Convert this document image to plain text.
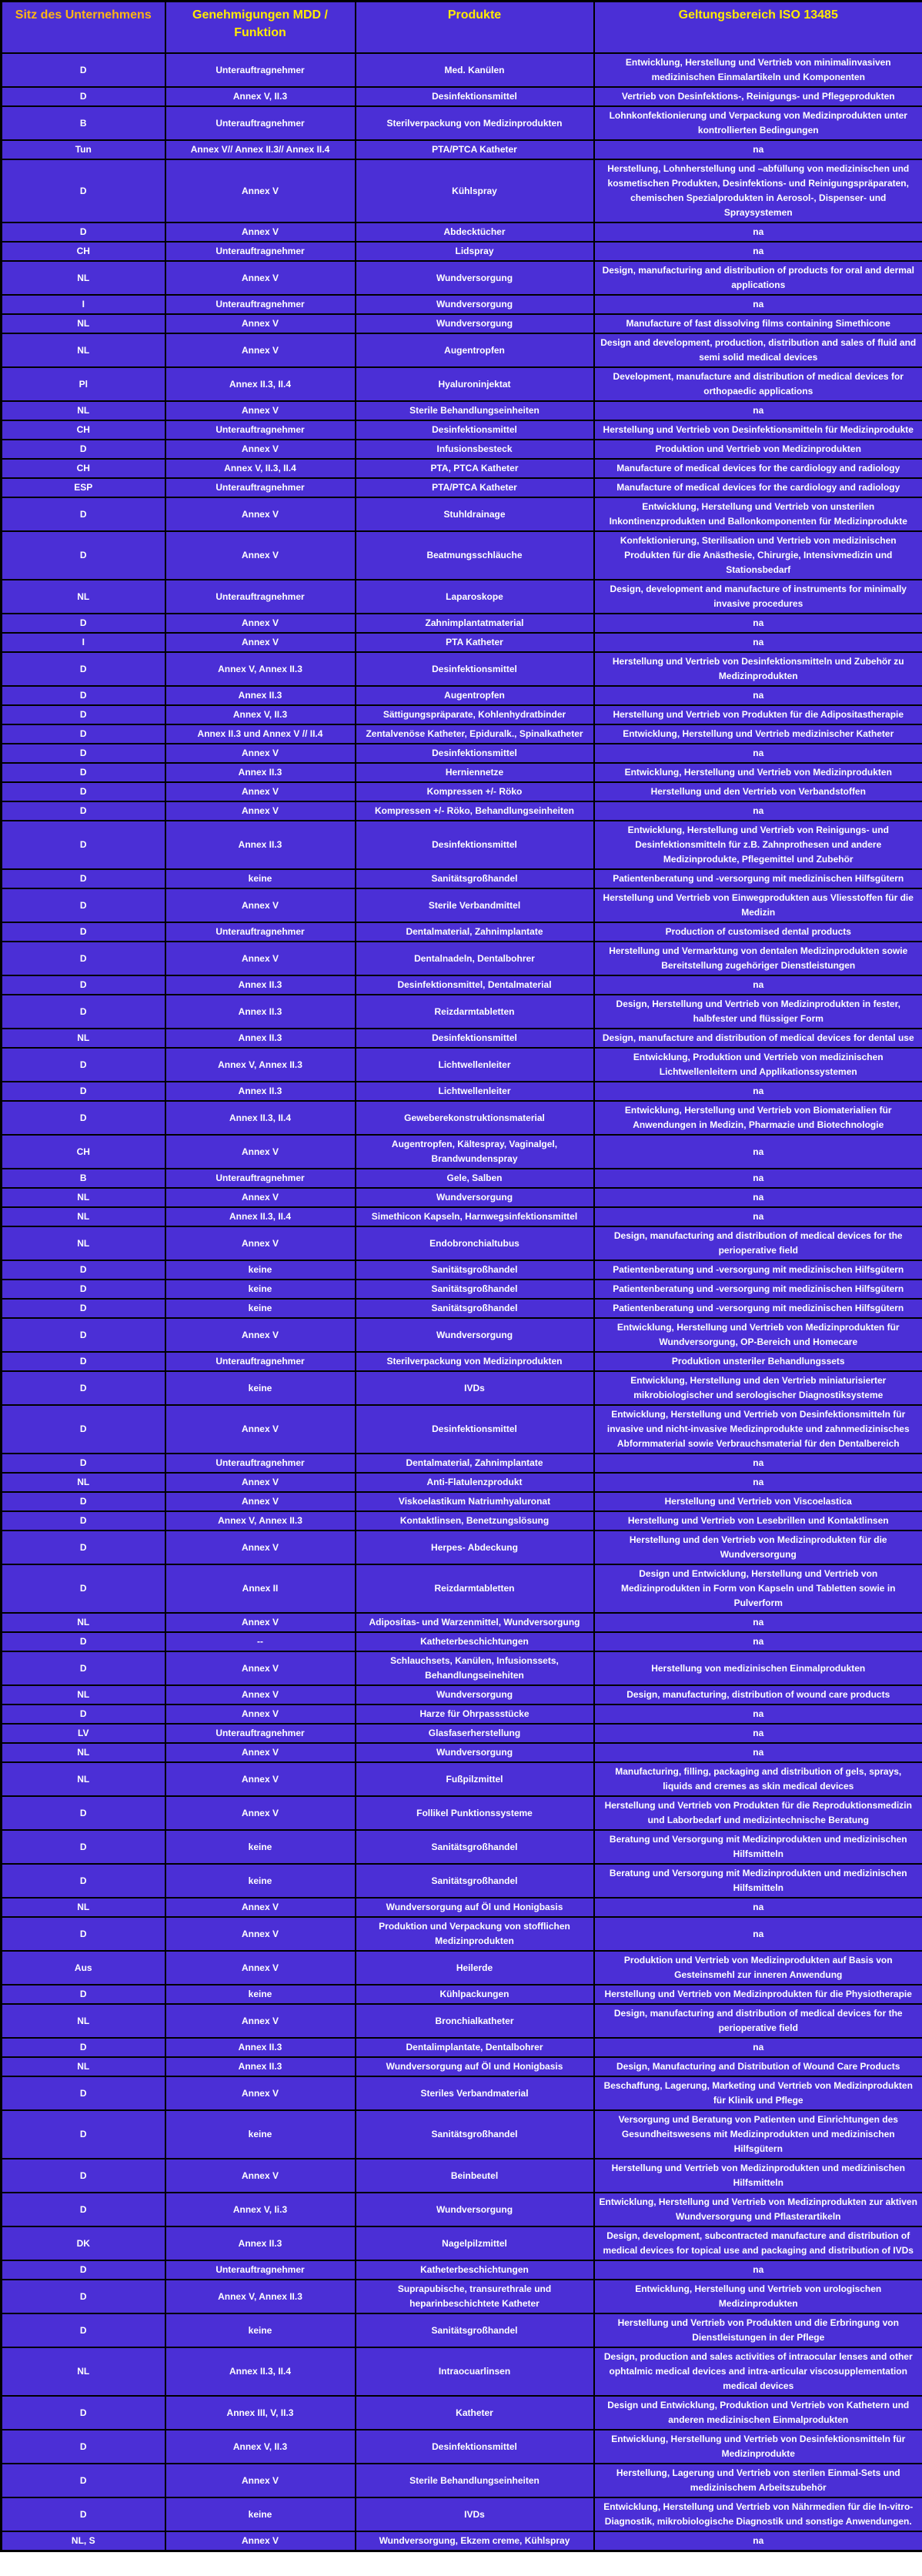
Sitz des Unternehmens	Genehmigungen MDD / Funktion	Produkte	Geltungsbereich ISO 13485
D	Unterauftragnehmer	Med. Kanülen	Entwicklung, Herstellung und Vertrieb von minimalinvasiven medizinischen Einmalartikeln und Komponenten
D	Annex V, II.3	Desinfektionsmittel	Vertrieb von Desinfektions-, Reinigungs- und Pflegeprodukten
B	Unterauftragnehmer	Sterilverpackung von Medizinprodukten	Lohnkonfektionierung und Verpackung von Medizinprodukten unter kontrollierten Bedingungen
Tun	Annex V// Annex II.3// Annex II.4	PTA/PTCA Katheter	na
D	Annex V	Kühlspray	Herstellung, Lohnherstellung und –abfüllung von medizinischen und kosmetischen Produkten, Desinfektions- und Reinigungspräparaten, chemischen Spezialprodukten in Aerosol-, Dispenser- und Spraysystemen
D	Annex V	Abdecktücher	na
CH	Unterauftragnehmer	Lidspray	na
NL	Annex V	Wundversorgung	Design, manufacturing and distribution of products for oral and dermal applications
I	Unterauftragnehmer	Wundversorgung	na
NL	Annex V	Wundversorgung	Manufacture of fast dissolving films containing Simethicone
NL	Annex V	Augentropfen	Design and development, production, distribution and sales of fluid and semi solid medical devices
Pl	Annex II.3, II.4	Hyaluroninjektat	Development, manufacture and distribution of medical devices for orthopaedic applications
NL	Annex V	Sterile Behandlungseinheiten	na
CH	Unterauftragnehmer	Desinfektionsmittel	Herstellung und Vertrieb von Desinfektionsmitteln für Medizinprodukte
D	Annex V	Infusionsbesteck	Produktion und Vertrieb von Medizinprodukten
CH	Annex V, II.3, II.4	PTA, PTCA Katheter	Manufacture of medical devices for the cardiology and radiology
ESP	Unterauftragnehmer	PTA/PTCA Katheter	Manufacture of medical devices for the cardiology and radiology
D	Annex V	Stuhldrainage	Entwicklung, Herstellung und Vertrieb von unsterilen Inkontinenzprodukten und Ballonkomponenten für Medizinprodukte
D	Annex V	Beatmungsschläuche	Konfektionierung, Sterilisation und Vertrieb von medizinischen Produkten für die Anästhesie, Chirurgie, Intensivmedizin und Stationsbedarf
NL	Unterauftragnehmer	Laparoskope	Design, development and manufacture of instruments for minimally invasive procedures
D	Annex V	Zahnimplantatmaterial	na
I	Annex V	PTA Katheter	na
D	Annex V, Annex II.3	Desinfektionsmittel	Herstellung und Vertrieb von Desinfektionsmitteln und Zubehör zu Medizinprodukten
D	Annex II.3	Augentropfen	na
D	Annex V, II.3	Sättigungspräparate, Kohlenhydratbinder	Herstellung und Vertrieb von Produkten für die Adipositastherapie
D	Annex II.3 und Annex V // II.4	Zentalvenöse Katheter, Epiduralk., Spinalkatheter	Entwicklung, Herstellung und Vertrieb medizinischer Katheter
D	Annex V	Desinfektionsmittel	na
D	Annex II.3	Herniennetze	Entwicklung, Herstellung und Vertrieb von Medizinprodukten
D	Annex V	Kompressen +/- Röko	Herstellung und den Vertrieb von Verbandstoffen
D	Annex V	Kompressen +/- Röko, Behandlungseinheiten	na
D	Annex II.3	Desinfektionsmittel	Entwicklung, Herstellung und Vertrieb von Reinigungs- und Desinfektionsmitteln für z.B. Zahnprothesen und andere Medizinprodukte, Pflegemittel und Zubehör
D	keine	Sanitätsgroßhandel	Patientenberatung und -versorgung mit medizinischen Hilfsgütern
D	Annex V	Sterile Verbandmittel	Herstellung und Vertrieb von Einwegprodukten aus Vliesstoffen für die Medizin
D	Unterauftragnehmer	Dentalmaterial, Zahnimplantate	Production of customised dental products
D	Annex V	Dentalnadeln, Dentalbohrer	Herstellung und Vermarktung von dentalen Medizinprodukten sowie Bereitstellung zugehöriger Dienstleistungen
D	Annex II.3	Desinfektionsmittel, Dentalmaterial	na
D	Annex II.3	Reizdarmtabletten	Design, Herstellung und Vertrieb von Medizinprodukten in fester, halbfester und flüssiger Form
NL	Annex II.3	Desinfektionsmittel	Design, manufacture and distribution of medical devices for dental use
D	Annex V, Annex II.3	Lichtwellenleiter	Entwicklung, Produktion und Vertrieb von medizinischen Lichtwellenleitern und Applikationssystemen
D	Annex II.3	Lichtwellenleiter	na
D	Annex II.3, II.4	Geweberekonstruktionsmaterial	Entwicklung, Herstellung und Vertrieb von Biomaterialien für Anwendungen in Medizin, Pharmazie und Biotechnologie
CH	Annex V	Augentropfen, Kältespray, Vaginalgel, Brandwundenspray	na
B	Unterauftragnehmer	Gele, Salben	na
NL	Annex V	Wundversorgung	na
NL	Annex II.3, II.4	Simethicon Kapseln, Harnwegsinfektionsmittel	na
NL	Annex V	Endobronchialtubus	Design, manufacturing and distribution of medical devices for the perioperative field
D	keine	Sanitätsgroßhandel	Patientenberatung und -versorgung mit medizinischen Hilfsgütern
D	keine	Sanitätsgroßhandel	Patientenberatung und -versorgung mit medizinischen Hilfsgütern
D	keine	Sanitätsgroßhandel	Patientenberatung und -versorgung mit medizinischen Hilfsgütern
D	Annex V	Wundversorgung	Entwicklung, Herstellung und Vertrieb von Medizinprodukten für Wundversorgung, OP-Bereich und Homecare
D	Unterauftragnehmer	Sterilverpackung von Medizinprodukten	Produktion unsteriler Behandlungssets
D	keine	IVDs	Entwicklung, Herstellung und den Vertrieb miniaturisierter mikrobiologischer und serologischer Diagnostiksysteme
D	Annex V	Desinfektionsmittel	Entwicklung, Herstellung und Vertrieb von Desinfektionsmitteln für invasive und nicht-invasive Medizinprodukte und zahnmedizinisches Abformmaterial sowie Verbrauchsmaterial für den Dentalbereich
D	Unterauftragnehmer	Dentalmaterial, Zahnimplantate	na
NL	Annex V	Anti-Flatulenzprodukt	na
D	Annex V	Viskoelastikum Natriumhyaluronat	Herstellung und Vertrieb von Viscoelastica
D	Annex V, Annex II.3	Kontaktlinsen, Benetzungslösung	Herstellung und Vertrieb von Lesebrillen und Kontaktlinsen
D	Annex V	Herpes- Abdeckung	Herstellung und den Vertrieb von Medizinprodukten für die Wundversorgung
D	Annex II	Reizdarmtabletten	Design und Entwicklung, Herstellung und Vertrieb von Medizinprodukten in Form von Kapseln und Tabletten sowie in Pulverform
NL	Annex V	Adipositas- und Warzenmittel, Wundversorgung	na
D	--	Katheterbeschichtungen	na
D	Annex V	Schlauchsets, Kanülen, Infusionssets, Behandlungseinehiten	Herstellung von medizinischen Einmalprodukten
NL	Annex V	Wundversorgung	Design, manufacturing, distribution of wound care products
D	Annex V	Harze für Ohrpassstücke	na
LV	Unterauftragnehmer	Glasfaserherstellung	na
NL	Annex V	Wundversorgung	na
NL	Annex V	Fußpilzmittel	Manufacturing, filling, packaging and distribution of gels, sprays, liquids and cremes as skin medical devices
D	Annex V	Follikel Punktionssysteme	Herstellung und Vertrieb von Produkten für die Reproduktionsmedizin und Laborbedarf und medizintechnische Beratung
D	keine	Sanitätsgroßhandel	Beratung und Versorgung mit Medizinprodukten und medizinischen Hilfsmitteln
D	keine	Sanitätsgroßhandel	Beratung und Versorgung mit Medizinprodukten und medizinischen Hilfsmitteln
NL	Annex V	Wundversorgung auf Öl und Honigbasis	na
D	Annex V	Produktion und Verpackung von stofflichen Medizinprodukten	na
Aus	Annex V	Heilerde	Produktion und Vertrieb von Medizinprodukten auf Basis von Gesteinsmehl zur inneren Anwendung
D	keine	Kühlpackungen	Herstellung und Vertrieb von Medizinprodukten für die Physiotherapie
NL	Annex V	Bronchialkatheter	Design, manufacturing and distribution of medical devices for the perioperative field
D	Annex II.3	Dentalimplantate, Dentalbohrer	na
NL	Annex II.3	Wundversorgung auf Öl und Honigbasis	Design, Manufacturing and Distribution of Wound Care Products
D	Annex V	Steriles Verbandmaterial	Beschaffung, Lagerung, Marketing und Vertrieb von Medizinprodukten für Klinik und Pflege
D	keine	Sanitätsgroßhandel	Versorgung und Beratung von Patienten und Einrichtungen des Gesundheitswesens mit Medizinprodukten und medizinischen Hilfsgütern
D	Annex V	Beinbeutel	Herstellung und Vertrieb von Medizinprodukten und medizinischen Hilfsmitteln
D	Annex V, Ii.3	Wundversorgung	Entwicklung, Herstellung und Vertrieb von Medizinprodukten zur aktiven Wundversorgung und Pflasterartikeln
DK	Annex II.3	Nagelpilzmittel	Design, development, subcontracted manufacture and distribution of medical devices for topical use and packaging and distribution of IVDs
D	Unterauftragnehmer	Katheterbeschichtungen	na
D	Annex V, Annex II.3	Suprapubische, transurethrale und heparinbeschichtete Katheter	Entwicklung, Herstellung und Vertrieb von urologischen Medizinprodukten
D	keine	Sanitätsgroßhandel	Herstellung und Vertrieb von Produkten und die Erbringung von Dienstleistungen in der Pflege
NL	Annex II.3, II.4	Intraocuarlinsen	Design, production and sales activities of intraocular lenses and other ophtalmic medical devices and intra-articular viscosupplementation medical devices
D	Annex III, V, II.3	Katheter	Design und Entwicklung, Produktion und Vertrieb von Kathetern und anderen medizinischen Einmalprodukten
D	Annex V, II.3	Desinfektionsmittel	Entwicklung, Herstellung und Vertrieb von Desinfektionsmitteln für Medizinprodukte
D	Annex V	Sterile Behandlungseinheiten	Herstellung, Lagerung und Vertrieb von sterilen Einmal-Sets und medizinischem Arbeitszubehör
D	keine	IVDs	Entwicklung, Herstellung und Vertrieb von Nährmedien für die In-vitro-Diagnostik, mikrobiologische Diagnostik und sonstige Anwendungen.
NL, S	Annex V	Wundversorgung, Ekzem creme, Kühlspray	na
